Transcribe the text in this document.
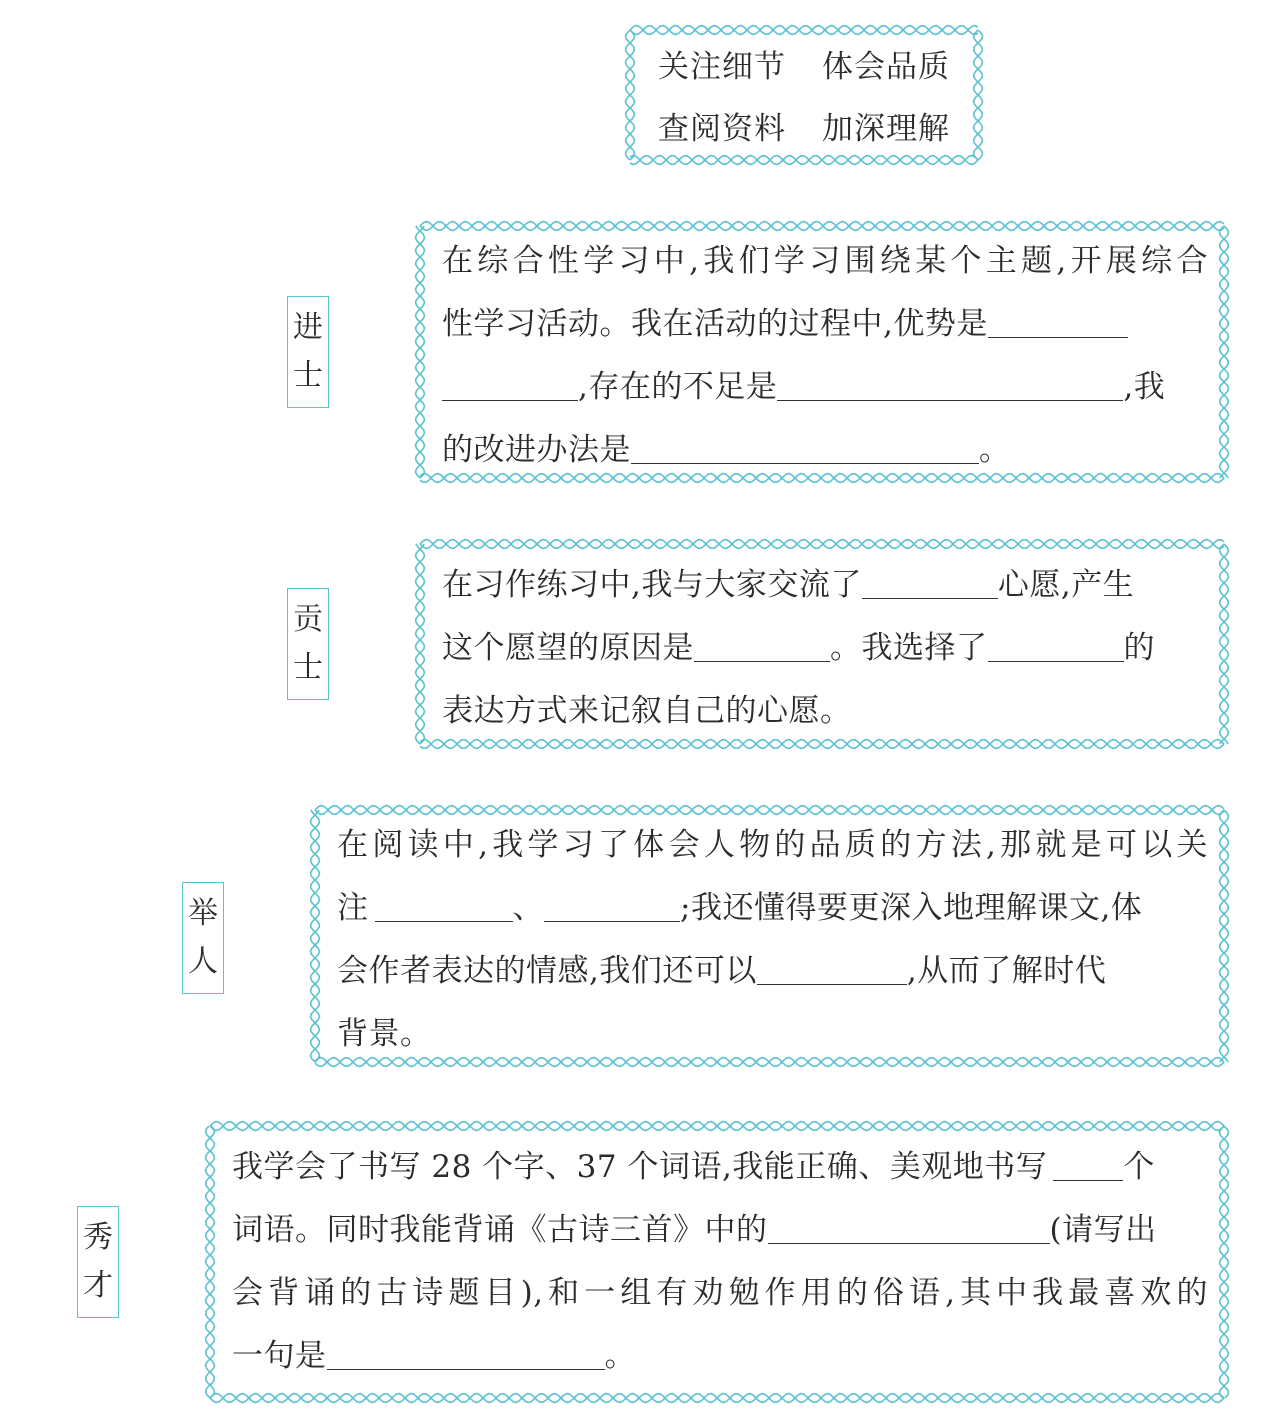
关注细节 体会品质
查阅资料 加深理解
进
士
在综合性学习中,我们学习围绕某个主题,开展综合
性学习活动。我在活动的过程中,优势是
,存在的不足是	,我
的改进办法是	。
贡
士
在习作练习中,我与大家交流了	心愿,产生
这个愿望的原因是	。我选择了	的
表达方式来记叙自己的心愿。
举
人
在阅读中,我学习了体会人物的品质的方法,那就是可以关
注	、	;我还懂得要更深入地理解课文,体
会作者表达的情感,我们还可以	,从而了解时代
背景。
秀
才
我学会了书写 28 个字、37 个词语,我能正确、美观地书写 个
词语。同时我能背诵《古诗三首》中的	(请写出
会背诵的古诗题目),和一组有劝勉作用的俗语,其中我最喜欢的
一句是	。
